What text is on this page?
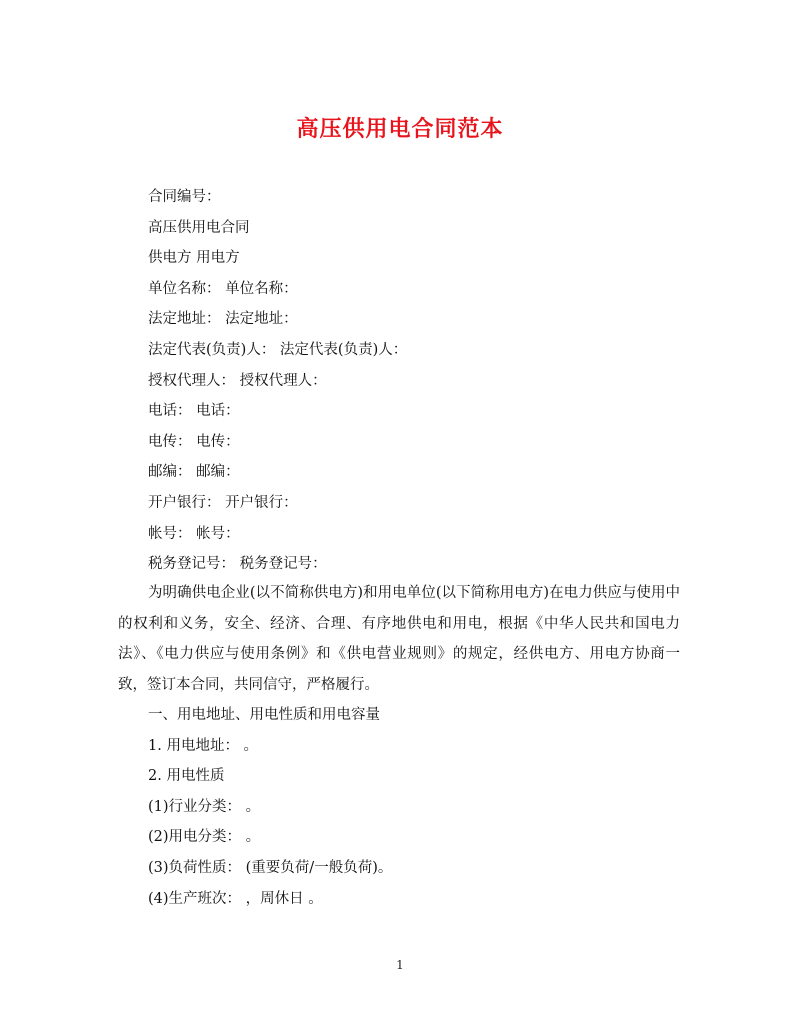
高压供用电合同范本
合同编号：
高压供用电合同
供电方 用电方
单位名称： 单位名称：
法定地址： 法定地址：
法定代表(负责)人： 法定代表(负责)人：
授权代理人： 授权代理人：
电话： 电话：
电传： 电传：
邮编： 邮编：
开户银行： 开户银行：
帐号： 帐号：
税务登记号： 税务登记号：
为明确供电企业(以不简称供电方)和用电单位(以下简称用电方)在电力供应与使用中的权利和义务，安全、经济、合理、有序地供电和用电，根据《中华人民共和国电力法》、《电力供应与使用条例》和《供电营业规则》的规定，经供电方、用电方协商一致，签订本合同，共同信守，严格履行。
一、用电地址、用电性质和用电容量
1. 用电地址： 。
2. 用电性质
(1)行业分类： 。
(2)用电分类： 。
(3)负荷性质： (重要负荷/一般负荷)。
(4)生产班次： ，周休日 。
1
